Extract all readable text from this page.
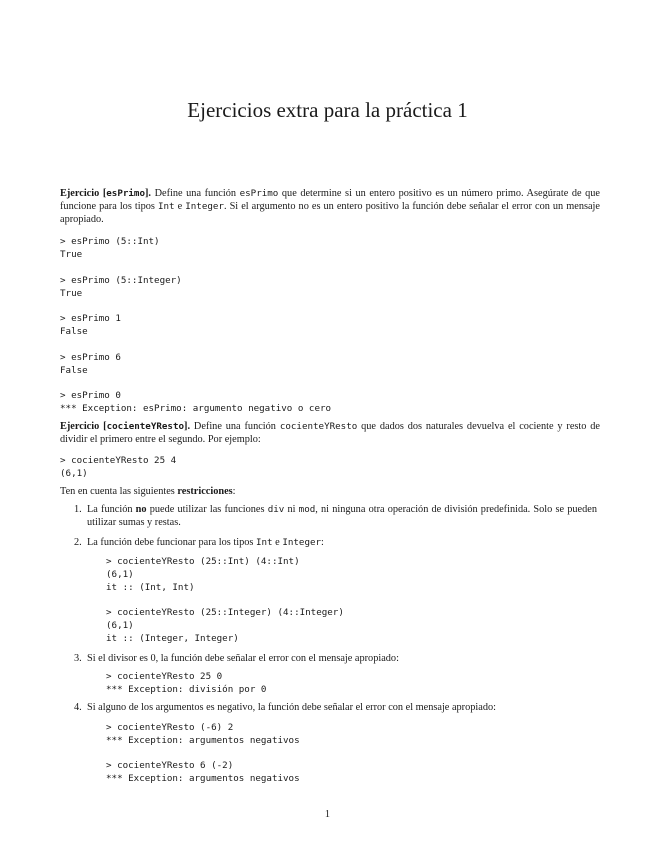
Ejercicios extra para la práctica 1
Ejercicio [esPrimo]. Define una función esPrimo que determine si un entero positivo es un número primo. Asegúrate de que funcione para los tipos Int e Integer. Si el argumento no es un entero positivo la función debe señalar el error con un mensaje apropiado.
> esPrimo (5::Int)
True
> esPrimo (5::Integer)
True
> esPrimo 1
False
> esPrimo 6
False
> esPrimo 0
*** Exception: esPrimo: argumento negativo o cero
Ejercicio [cocienteYResto]. Define una función cocienteYResto que dados dos naturales devuelva el cociente y resto de dividir el primero entre el segundo. Por ejemplo:
> cocienteYResto 25 4
(6,1)
Ten en cuenta las siguientes restricciones:
1. La función no puede utilizar las funciones div ni mod, ni ninguna otra operación de división predefinida. Solo se pueden utilizar sumas y restas.
2. La función debe funcionar para los tipos Int e Integer:
> cocienteYResto (25::Int) (4::Int)
(6,1)
it :: (Int, Int)
> cocienteYResto (25::Integer) (4::Integer)
(6,1)
it :: (Integer, Integer)
3. Si el divisor es 0, la función debe señalar el error con el mensaje apropiado:
> cocienteYResto 25 0
*** Exception: división por 0
4. Si alguno de los argumentos es negativo, la función debe señalar el error con el mensaje apropiado:
> cocienteYResto (-6) 2
*** Exception: argumentos negativos
> cocienteYResto 6 (-2)
*** Exception: argumentos negativos
1
